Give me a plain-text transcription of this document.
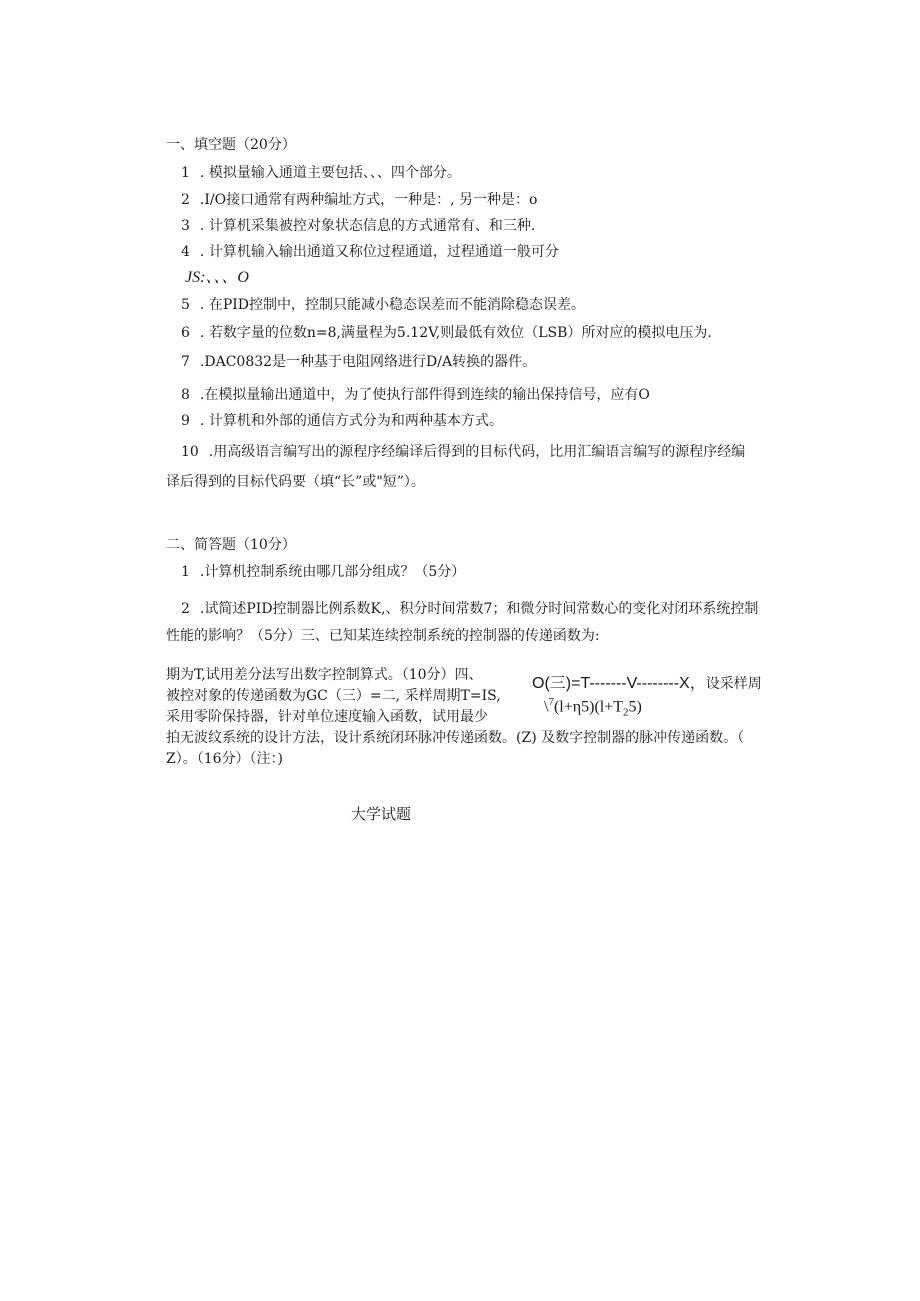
一、填空题（20分）
1 . 模拟量输入通道主要包括、、、四个部分。
2 .I/O接口通常有两种编址方式，一种是：, 另一种是：o
3 . 计算机采集被控对象状态信息的方式通常有、和三种.
4 . 计算机输入输出通道又称位过程通道，过程通道一般可分
JS:、、、O
5 . 在PID控制中，控制只能减小稳态误差而不能消除稳态误差。
6 . 若数字量的位数n=8,满量程为5.12V,则最低有效位（LSB）所对应的模拟电压为.
7 .DAC0832是一种基于电阻网络进行D/A转换的器件。
8 .在模拟量输出通道中，为了使执行部件得到连续的输出保持信号，应有O
9 . 计算机和外部的通信方式分为和两种基本方式。
10 .用高级语言编写出的源程序经编译后得到的目标代码，比用汇编语言编写的源程序经编
译后得到的目标代码要（填“长”或"短”）。
二、简答题（10分）
1 .计算机控制系统由哪几部分组成？（5分）
2 .试简述PID控制器比例系数K,、积分时间常数7；和微分时间常数心的变化对闭环系统控制
性能的影响？（5分）三、已知某连续控制系统的控制器的传递函数为:
期为T,试用差分法写出数字控制算式。（10分）四、
被控对象的传递函数为GC（三）=二, 采样周期T=IS,
采用零阶保持器，针对单位速度输入函数，试用最少
O(三)=T-------V--------X，设采样周
$\backslash^7(l+\eta 5)(l+T_25)$
拍无波纹系统的设计方法，设计系统闭环脉冲传递函数。(Z) 及数字控制器的脉冲传递函数。（
Z）。（16分）（注：)
大学试题
